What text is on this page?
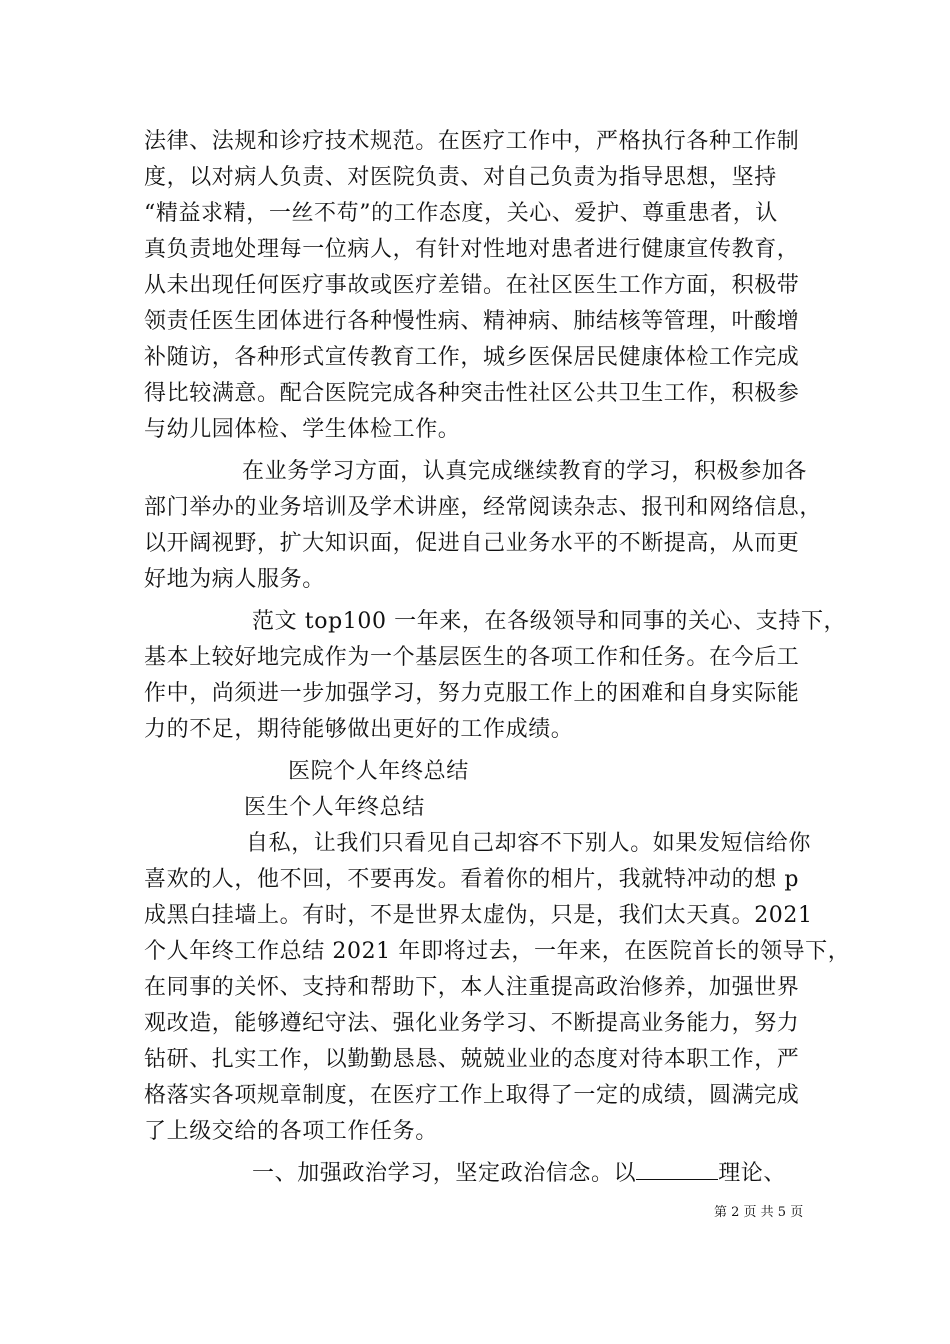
法律、法规和诊疗技术规范。在医疗工作中，严格执行各种工作制
度，以对病人负责、对医院负责、对自己负责为指导思想，坚持
“精益求精，一丝不苟”的工作态度，关心、爱护、尊重患者，认
真负责地处理每一位病人，有针对性地对患者进行健康宣传教育，
从未出现任何医疗事故或医疗差错。在社区医生工作方面，积极带
领责任医生团体进行各种慢性病、精神病、肺结核等管理，叶酸增
补随访，各种形式宣传教育工作，城乡医保居民健康体检工作完成
得比较满意。配合医院完成各种突击性社区公共卫生工作，积极参
与幼儿园体检、学生体检工作。
在业务学习方面，认真完成继续教育的学习，积极参加各
部门举办的业务培训及学术讲座，经常阅读杂志、报刊和网络信息，
以开阔视野，扩大知识面，促进自己业务水平的不断提高，从而更
好地为病人服务。
范文 top100 一年来，在各级领导和同事的关心、支持下，
基本上较好地完成作为一个基层医生的各项工作和任务。在今后工
作中，尚须进一步加强学习，努力克服工作上的困难和自身实际能
力的不足，期待能够做出更好的工作成绩。
医院个人年终总结
医生个人年终总结
自私，让我们只看见自己却容不下别人。如果发短信给你
喜欢的人，他不回，不要再发。看着你的相片，我就特冲动的想 p
成黑白挂墙上。有时，不是世界太虚伪，只是，我们太天真。2021
个人年终工作总结 2021 年即将过去，一年来，在医院首长的领导下，
在同事的关怀、支持和帮助下，本人注重提高政治修养，加强世界
观改造，能够遵纪守法、强化业务学习、不断提高业务能力，努力
钻研、扎实工作，以勤勤恳恳、兢兢业业的态度对待本职工作，严
格落实各项规章制度，在医疗工作上取得了一定的成绩，圆满完成
了上级交给的各项工作任务。
一、加强政治学习，坚定政治信念。以	理论、
第 2 页 共 5 页
